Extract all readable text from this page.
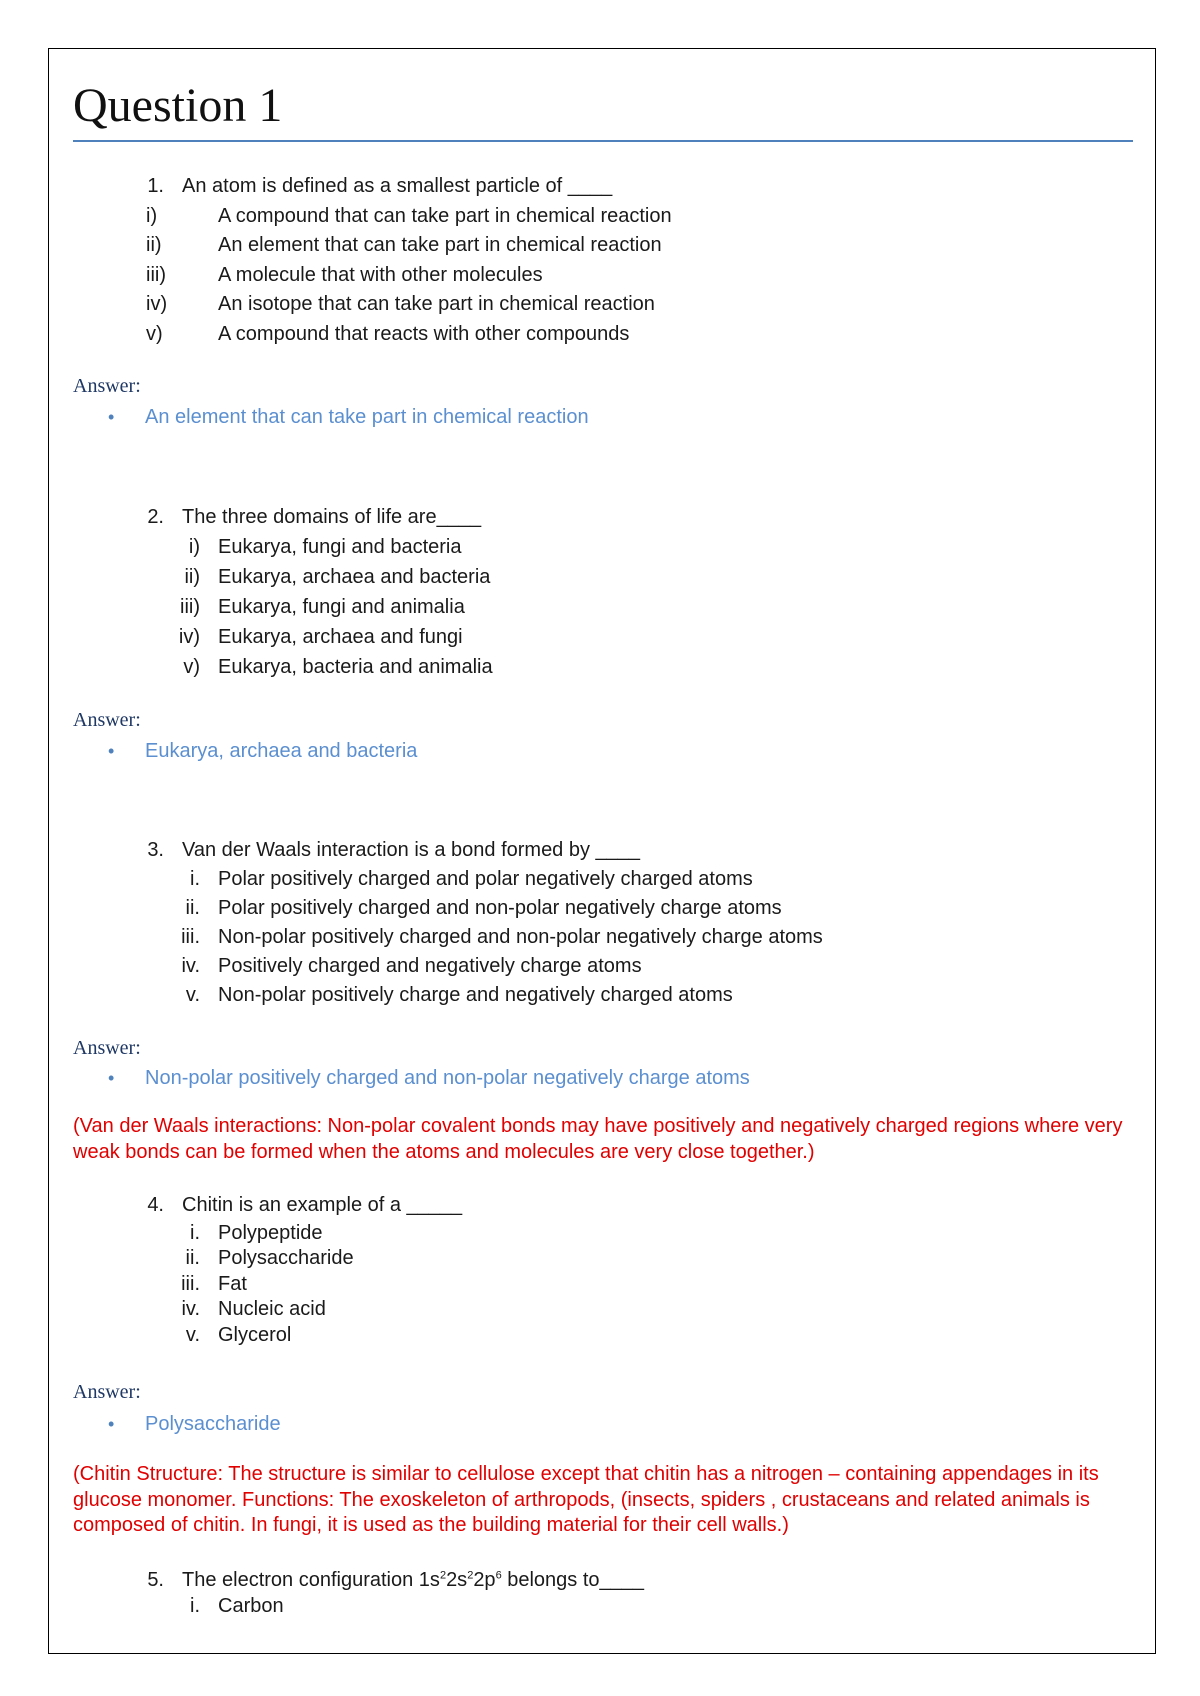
Question 1
1. An atom is defined as a smallest particle of ____
i)	A compound that can take part in chemical reaction
ii)	An element that can take part in chemical reaction
iii)	A molecule that with other molecules
iv)	An isotope that can take part in chemical reaction
v)	A compound that reacts with other compounds
Answer:
• An element that can take part in chemical reaction
2. The three domains of life are____
i) Eukarya, fungi and bacteria
ii) Eukarya, archaea and bacteria
iii) Eukarya, fungi and animalia
iv) Eukarya, archaea and fungi
v) Eukarya, bacteria and animalia
Answer:
• Eukarya, archaea and bacteria
3. Van der Waals interaction is a bond formed by ____
i. Polar positively charged and polar negatively charged atoms
ii. Polar positively charged and non-polar negatively charge atoms
iii. Non-polar positively charged and non-polar negatively charge atoms
iv. Positively charged and negatively charge atoms
v. Non-polar positively charge and negatively charged atoms
Answer:
• Non-polar positively charged and non-polar negatively charge atoms
(Van der Waals interactions: Non-polar covalent bonds may have positively and negatively charged regions where very weak bonds can be formed when the atoms and molecules are very close together.)
4. Chitin is an example of a _____
i. Polypeptide
ii. Polysaccharide
iii. Fat
iv. Nucleic acid
v. Glycerol
Answer:
• Polysaccharide
(Chitin Structure: The structure is similar to cellulose except that chitin has a nitrogen – containing appendages in its glucose monomer. Functions: The exoskeleton of arthropods, (insects, spiders , crustaceans and related animals is composed of chitin. In fungi, it is used as the building material for their cell walls.)
5. The electron configuration $1s^22s^22p^6$ belongs to____
i. Carbon
